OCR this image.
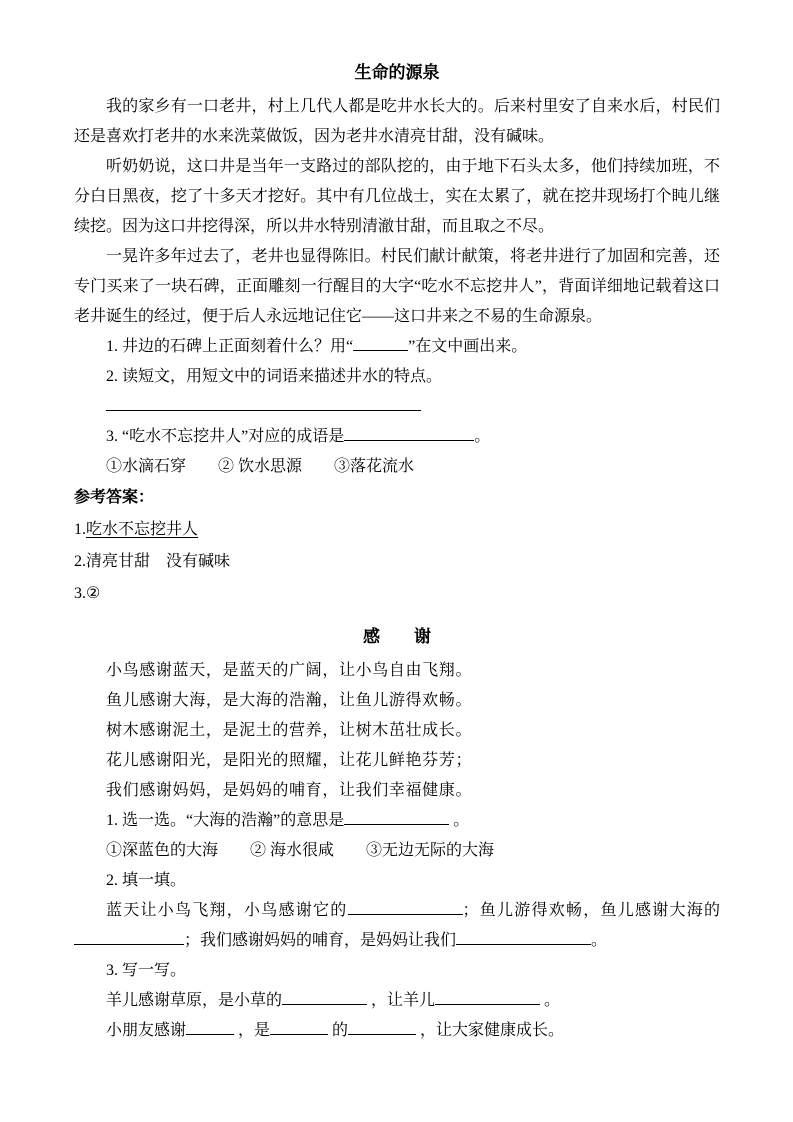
生命的源泉

我的家乡有一口老井，村上几代人都是吃井水长大的。后来村里安了自来水后，村民们还是喜欢打老井的水来洗菜做饭，因为老井水清亮甘甜，没有碱味。

听奶奶说，这口井是当年一支路过的部队挖的，由于地下石头太多，他们持续加班，不分白日黑夜，挖了十多天才挖好。其中有几位战士，实在太累了，就在挖井现场打个盹儿继续挖。因为这口井挖得深，所以井水特别清澈甘甜，而且取之不尽。

一晃许多年过去了，老井也显得陈旧。村民们献计献策，将老井进行了加固和完善，还专门买来了一块石碑，正面雕刻一行醒目的大字“吃水不忘挖井人”，背面详细地记载着这口老井诞生的经过，便于后人永远地记住它——这口井来之不易的生命源泉。

1. 井边的石碑上正面刻着什么？用“	”在文中画出来。

2. 读短文，用短文中的词语来描述井水的特点。

3. “吃水不忘挖井人”对应的成语是	。

①水滴石穿　　② 饮水思源　　③落花流水

参考答案：

1.吃水不忘挖井人

2.清亮甘甜　没有碱味

3.②

感　　谢

小鸟感谢蓝天，是蓝天的广阔，让小鸟自由飞翔。

鱼儿感谢大海，是大海的浩瀚，让鱼儿游得欢畅。

树木感谢泥土，是泥土的营养，让树木茁壮成长。

花儿感谢阳光，是阳光的照耀，让花儿鲜艳芬芳；

我们感谢妈妈，是妈妈的哺育，让我们幸福健康。

1. 选一选。“大海的浩瀚”的意思是	。

①深蓝色的大海　　② 海水很咸　　③无边无际的大海

2. 填一填。

蓝天让小鸟飞翔，小鸟感谢它的	；鱼儿游得欢畅，鱼儿感谢大海的；我们感谢妈妈的哺育，是妈妈让我们	。

3. 写一写。

羊儿感谢草原，是小草的	，让羊儿	。

小朋友感谢	，是	的	，让大家健康成长。
